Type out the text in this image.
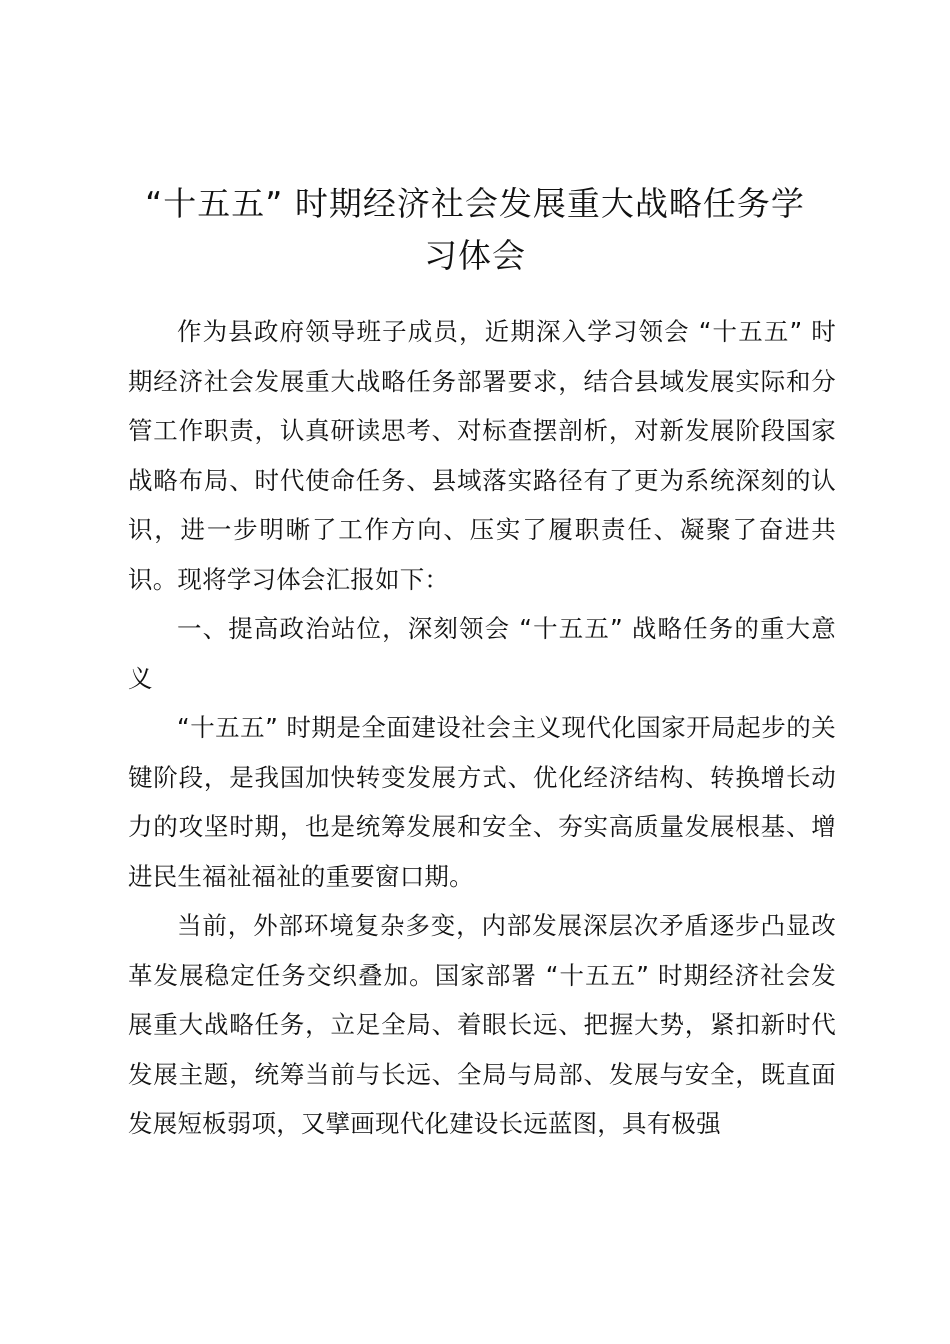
“十五五” 时期经济社会发展重大战略任务学
习体会

作为县政府领导班子成员，近期深入学习领会 “十五五” 时期经济社会发展重大战略任务部署要求，结合县域发展实际和分管工作职责，认真研读思考、对标查摆剖析，对新发展阶段国家战略布局、时代使命任务、县域落实路径有了更为系统深刻的认识，进一步明晰了工作方向、压实了履职责任、凝聚了奋进共识。现将学习体会汇报如下：

一、提高政治站位，深刻领会 “十五五” 战略任务的重大意义

“十五五” 时期是全面建设社会主义现代化国家开局起步的关键阶段，是我国加快转变发展方式、优化经济结构、转换增长动力的攻坚时期，也是统筹发展和安全、夯实高质量发展根基、增进民生福祉福祉的重要窗口期。

当前，外部环境复杂多变，内部发展深层次矛盾逐步凸显改革发展稳定任务交织叠加。国家部署 “十五五” 时期经济社会发展重大战略任务，立足全局、着眼长远、把握大势，紧扣新时代发展主题，统筹当前与长远、全局与局部、发展与安全，既直面发展短板弱项，又擘画现代化建设长远蓝图，具有极强
